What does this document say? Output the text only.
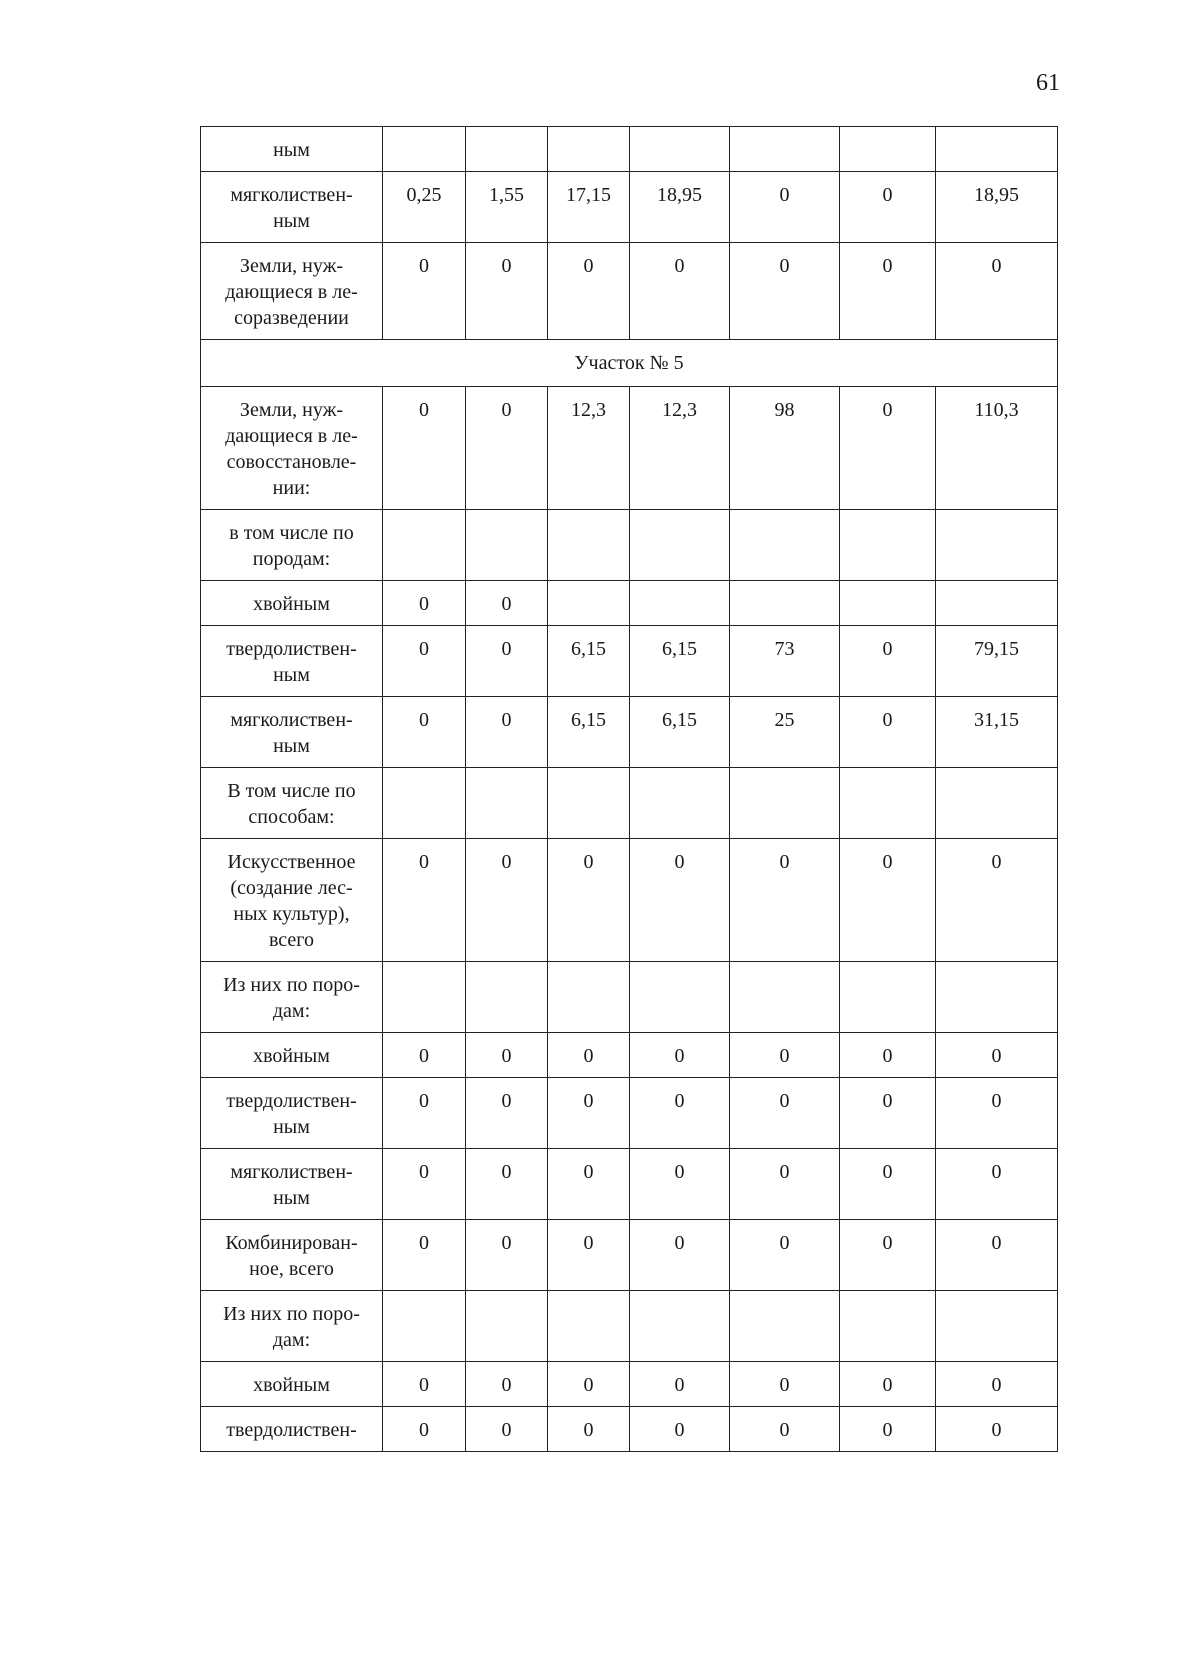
61
ным							
мягколиствен-
ным	0,25	1,55	17,15	18,95	0	0	18,95
Земли, нуж-
дающиеся в ле-
соразведении	0	0	0	0	0	0	0
Участок № 5							
Земли, нуж-
дающиеся в ле-
совосстановле-
нии:	0	0	12,3	12,3	98	0	110,3
в том числе по
породам:							
хвойным	0	0					
твердолиствен-
ным	0	0	6,15	6,15	73	0	79,15
мягколиствен-
ным	0	0	6,15	6,15	25	0	31,15
В том числе по
способам:							
Искусственное
(создание лес-
ных культур),
всего	0	0	0	0	0	0	0
Из них по поро-
дам:							
хвойным	0	0	0	0	0	0	0
твердолиствен-
ным	0	0	0	0	0	0	0
мягколиствен-
ным	0	0	0	0	0	0	0
Комбинирован-
ное, всего	0	0	0	0	0	0	0
Из них по поро-
дам:							
хвойным	0	0	0	0	0	0	0
твердолиствен-	0	0	0	0	0	0	0
